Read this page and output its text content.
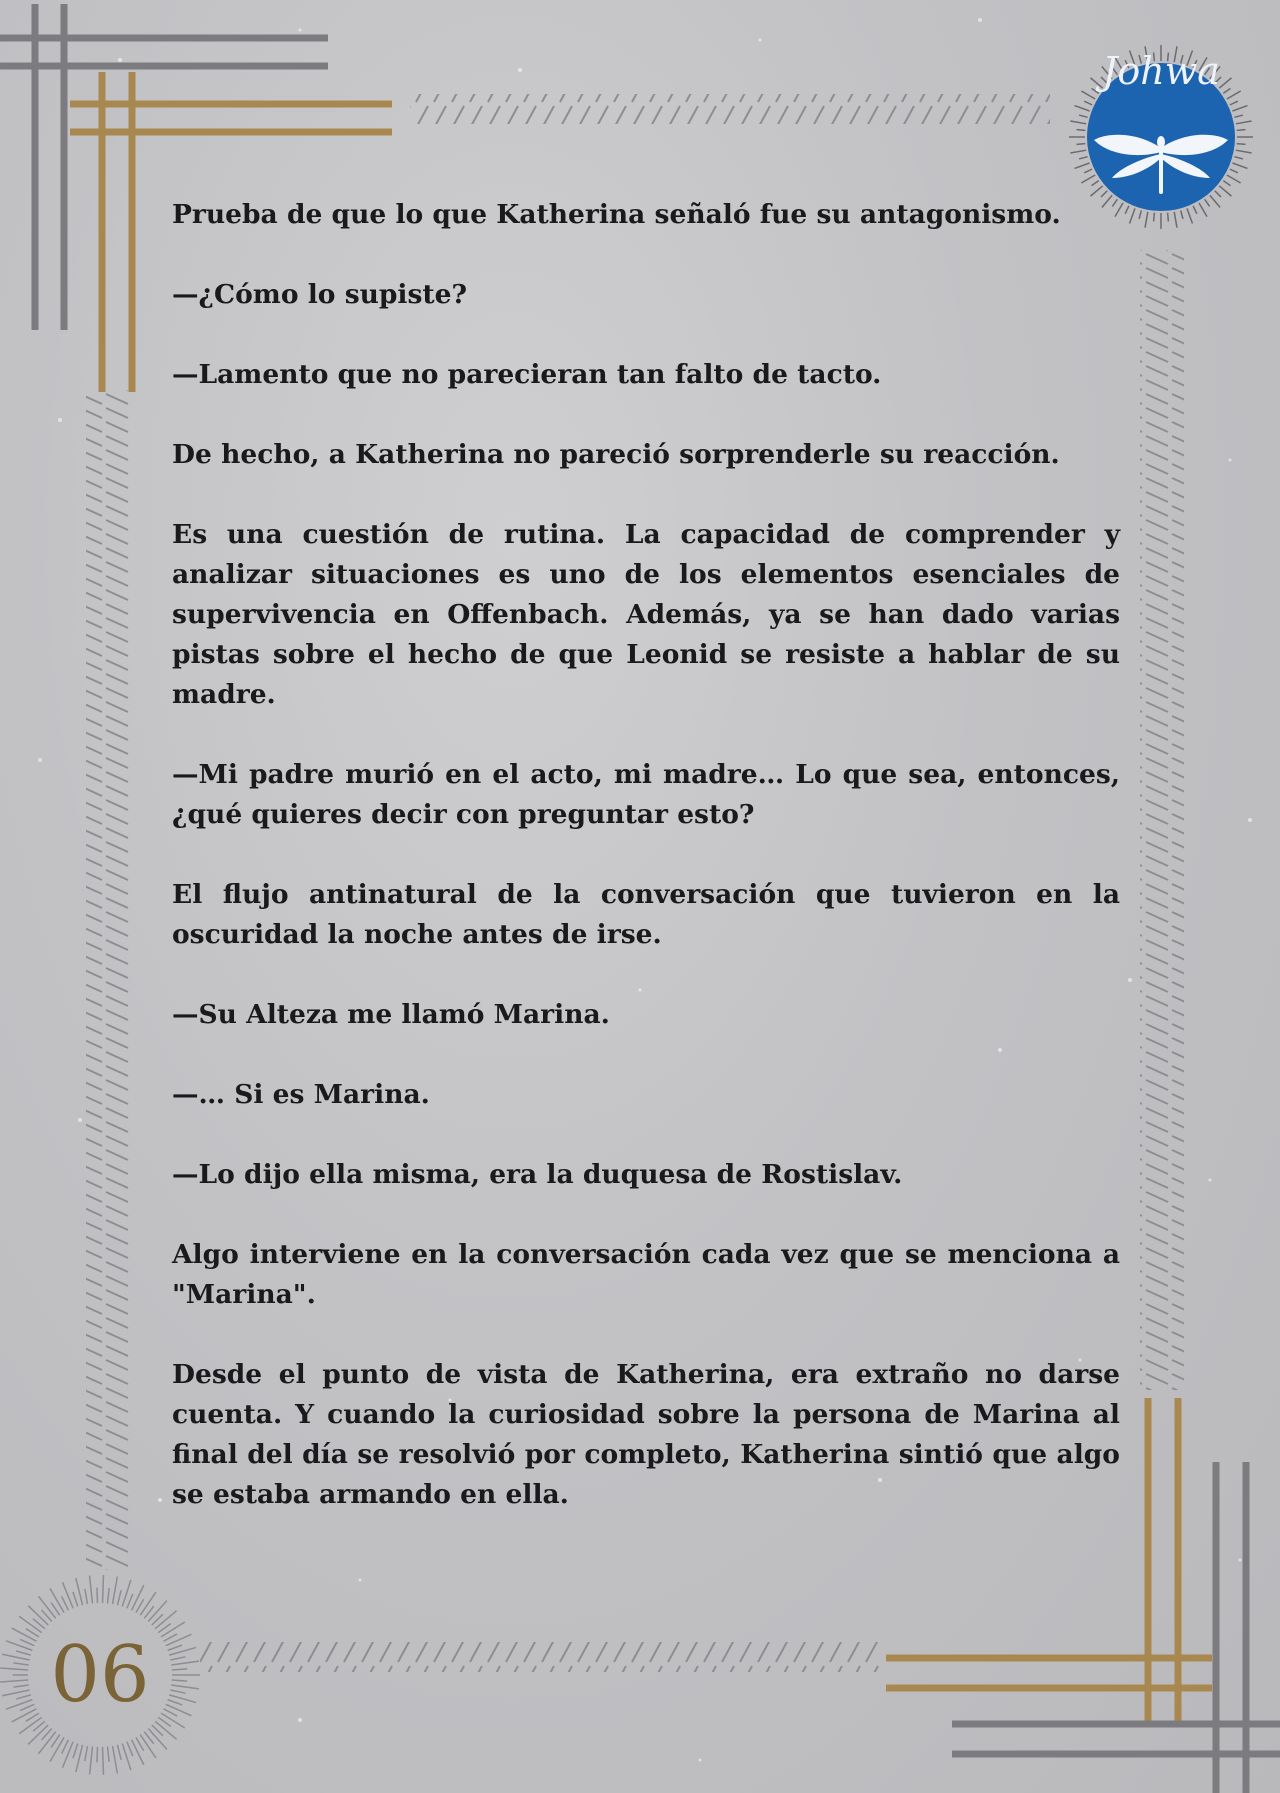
Johwa
06

Prueba de que lo que Katherina señaló fue su antagonismo.

—¿Cómo lo supiste?

—Lamento que no parecieran tan falto de tacto.

De hecho, a Katherina no pareció sorprenderle su reacción.

Es una cuestión de rutina. La capacidad de comprender y analizar situaciones es uno de los elementos esenciales de supervivencia en Offenbach. Además, ya se han dado varias pistas sobre el hecho de que Leonid se resiste a hablar de su madre.

—Mi padre murió en el acto, mi madre… Lo que sea, entonces, ¿qué quieres decir con preguntar esto?

El flujo antinatural de la conversación que tuvieron en la oscuridad la noche antes de irse.

—Su Alteza me llamó Marina.

—… Si es Marina.

—Lo dijo ella misma, era la duquesa de Rostislav.

Algo interviene en la conversación cada vez que se menciona a "Marina".

Desde el punto de vista de Katherina, era extraño no darse cuenta. Y cuando la curiosidad sobre la persona de Marina al final del día se resolvió por completo, Katherina sintió que algo se estaba armando en ella.
